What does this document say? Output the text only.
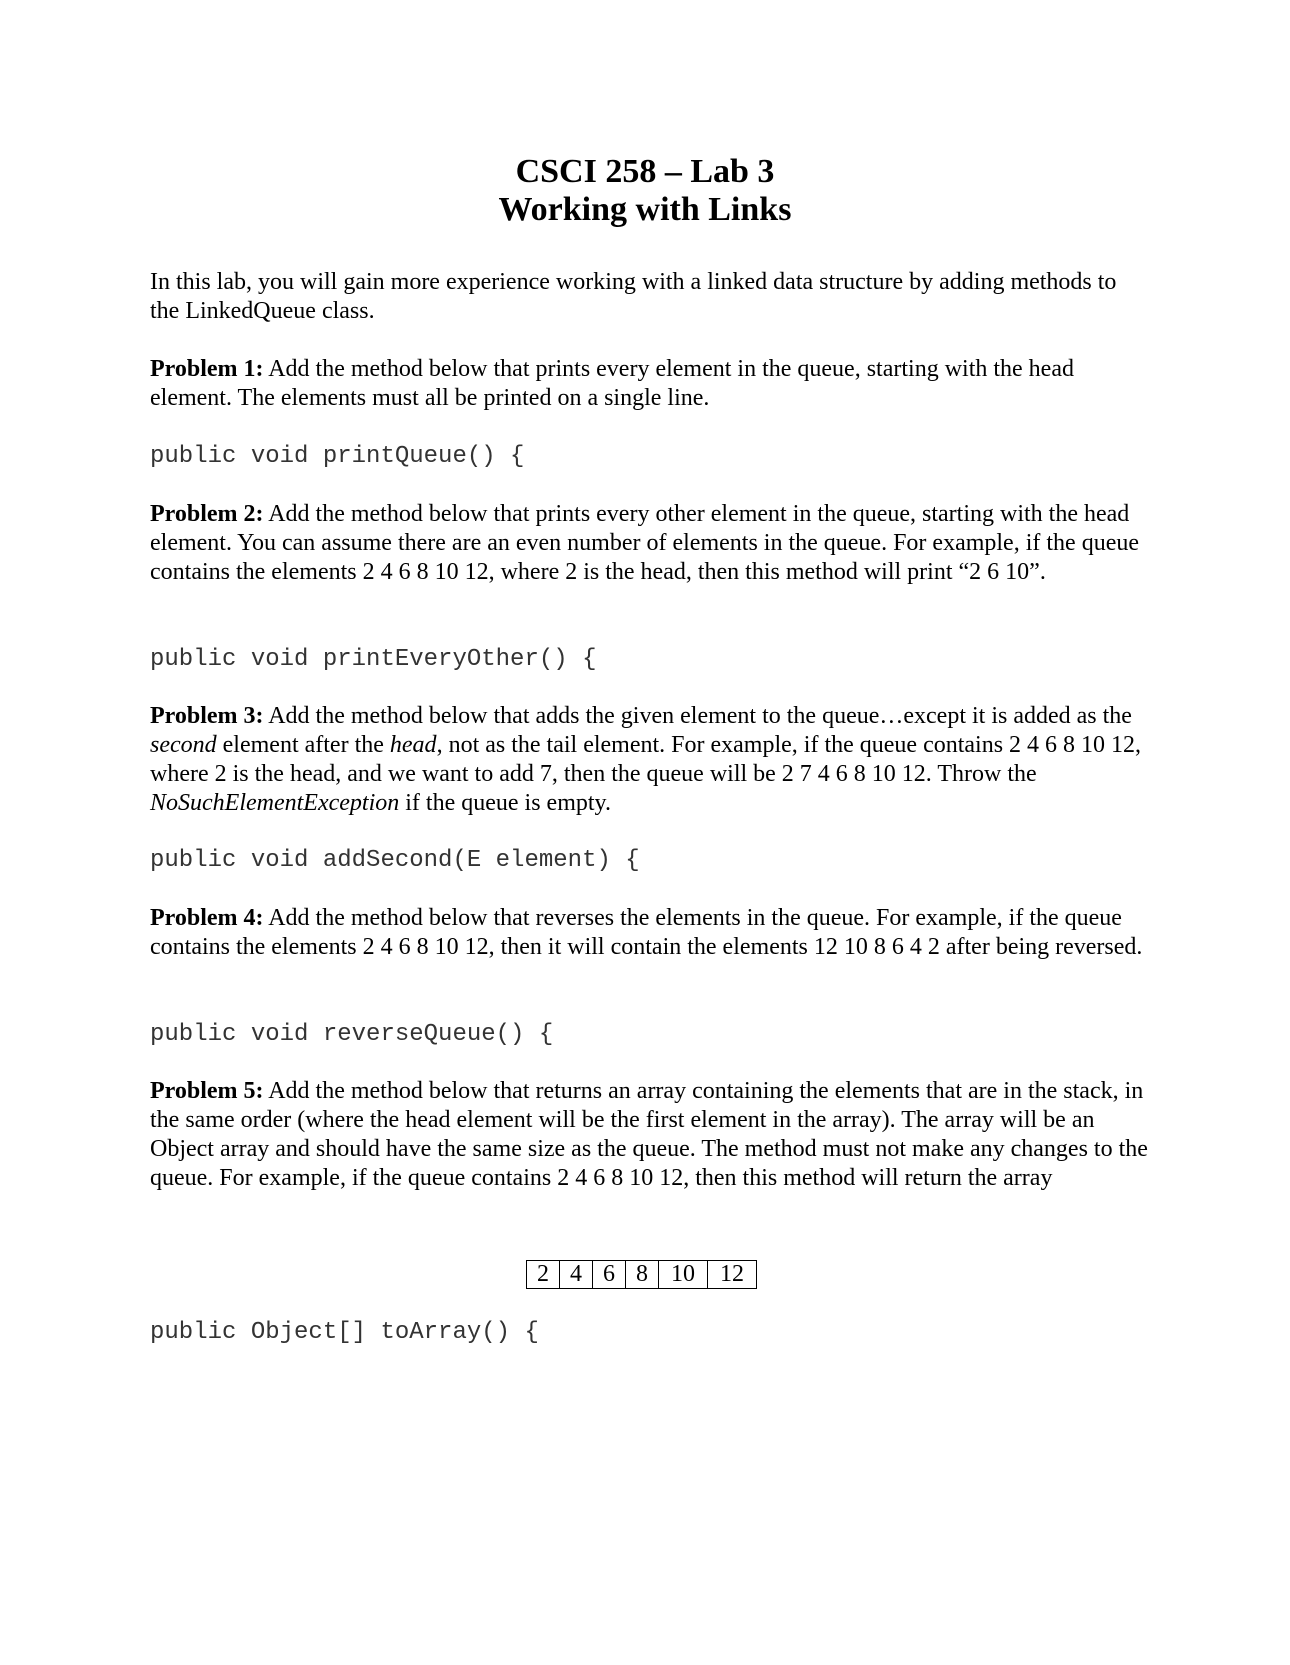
CSCI 258 – Lab 3
Working with Links
In this lab, you will gain more experience working with a linked data structure by adding methods to the LinkedQueue class.
Problem 1: Add the method below that prints every element in the queue, starting with the head element. The elements must all be printed on a single line.
public void printQueue() {
Problem 2: Add the method below that prints every other element in the queue, starting with the head element. You can assume there are an even number of elements in the queue. For example, if the queue contains the elements 2 4 6 8 10 12, where 2 is the head, then this method will print “2 6 10”.
public void printEveryOther() {
Problem 3: Add the method below that adds the given element to the queue…except it is added as the second element after the head, not as the tail element. For example, if the queue contains 2 4 6 8 10 12, where 2 is the head, and we want to add 7, then the queue will be 2 7 4 6 8 10 12. Throw the NoSuchElementException if the queue is empty.
public void addSecond(E element) {
Problem 4: Add the method below that reverses the elements in the queue. For example, if the queue contains the elements 2 4 6 8 10 12, then it will contain the elements 12 10 8 6 4 2 after being reversed.
public void reverseQueue() {
Problem 5: Add the method below that returns an array containing the elements that are in the stack, in the same order (where the head element will be the first element in the array). The array will be an Object array and should have the same size as the queue. The method must not make any changes to the queue. For example, if the queue contains 2 4 6 8 10 12, then this method will return the array
2 4 6 8 10	12
public Object[] toArray() {
